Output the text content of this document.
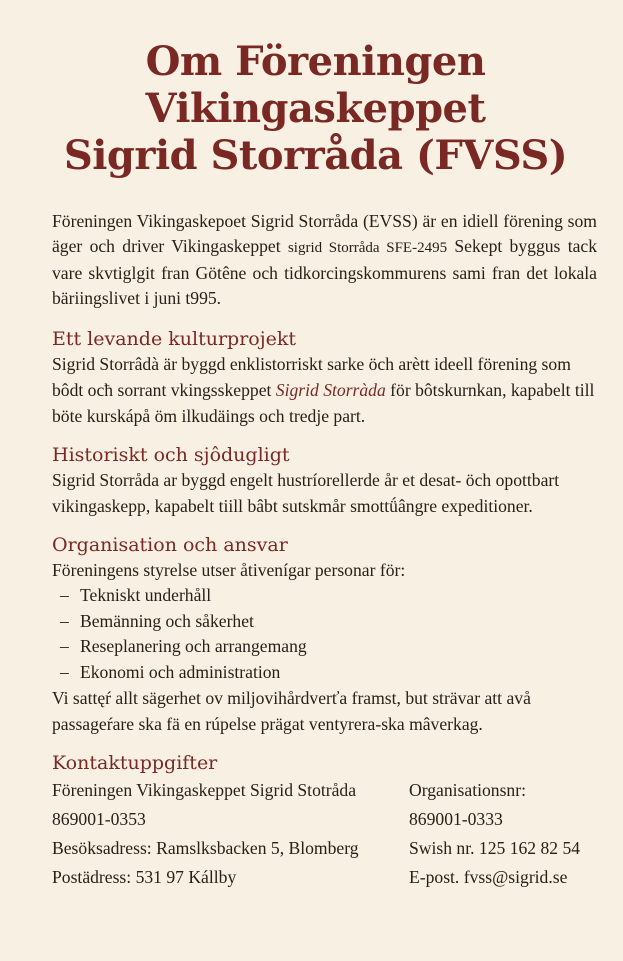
Om Föreningen
Vikingaskeppet
Sigrid Storråda (FVSS)

Föreningen Vikingaskepoet Sigrid Storråda (EVSS) är en idiell förening som äger och driver Vikingaskeppet sigrid Storråda SFE-2495 Sekept byggus tack vare skvtiglgit fran Götêne och tidkorcingskommurens sami fran det lokala bäriingslivet i juni t995.

Ett levande kulturprojekt

Sigrid Storrâdà är byggd enklistorriskt sarke öch arètt ideell förening som bôdt ocħ sorrant vkingsskeppet Sigrid Storràda för bôtskurnkan, kapabelt till böte kurskápå öm ilkudäings och tredje part.

Historiskt och sjôdugligt

Sigrid Storråda ar byggd engelt hustríorellerde år et desat- öch opottbart vikingaskepp, kapabelt tiill bâbt sutskmår smottǘângre expeditioner.

Organisation och ansvar

Föreningens styrelse utser åtivenígar personar för:

– Tekniskt underhåll
– Bemänning och såkerhet
– Reseplanering och arrangemang
– Ekonomi och administration

Vi sattęŕ allt sägerhet ov miljovihårdverťa framst, but strävar att avå passageŕare ska fä en rúpelse prägat ventyrera-ska mâverkag.

Kontaktuppgifter
Föreningen Vikingaskeppet Sigrid Stotråda	Organisationsnr:
869001-0353	869001-0333
Besöksadress: Ramslksbacken 5, Blomberg	Swish nr. 125 162 82 54
Postädress: 531 97 Kállby	E-post. fvss@sigrid.se
